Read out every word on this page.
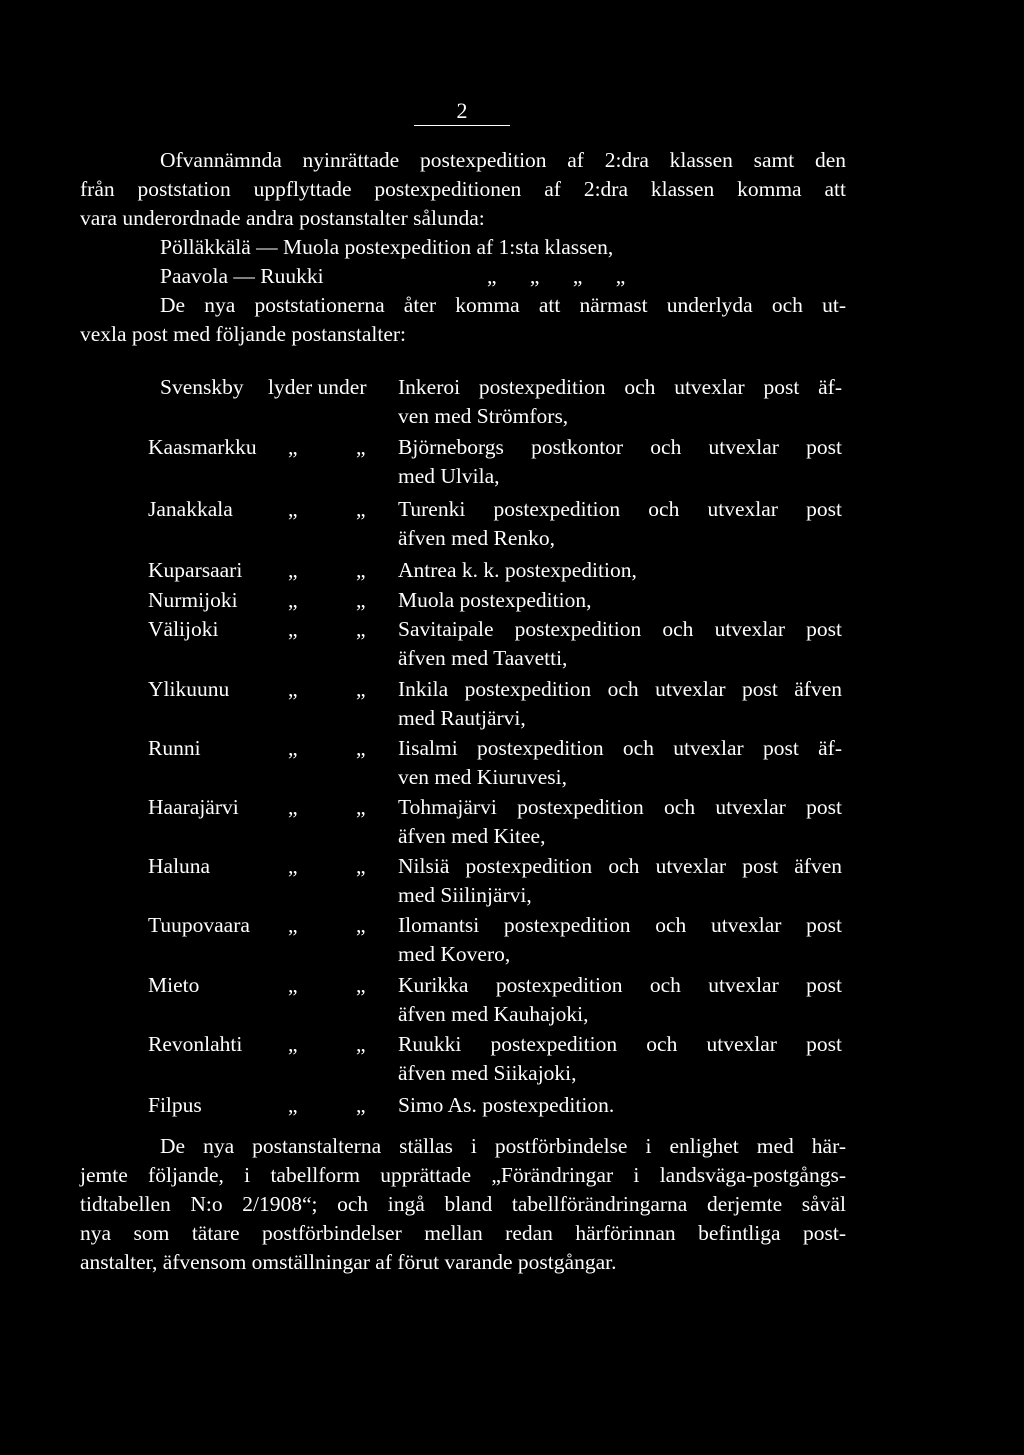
2
Ofvannämnda nyinrättade postexpedition af 2:dra klassen samt den
från poststation uppflyttade postexpeditionen af 2:dra klassen komma att
vara underordnade andra postanstalter sålunda:
Pölläkkälä — Muola postexpedition af 1:sta klassen,
Paavola — Ruukki	„ „ „ „
De nya poststationerna åter komma att närmast underlyda och ut-
vexla post med följande postanstalter:
Svenskby lyder under Inkeroi postexpedition och utvexlar post äf-
ven med Strömfors,
Kaasmarkku „	„ Björneborgs postkontor och utvexlar post
med Ulvila,
Janakkala	„	„ Turenki postexpedition och utvexlar post
äfven med Renko,
Kuparsaari „	„ Antrea k. k. postexpedition,
Nurmijoki „	„ Muola postexpedition,
Välijoki	„	„ Savitaipale postexpedition och utvexlar post
äfven med Taavetti,
Ylikuunu	„	„ Inkila postexpedition och utvexlar post äfven
med Rautjärvi,
Runni	„	„ Iisalmi postexpedition och utvexlar post äf-
ven med Kiuruvesi,
Haarajärvi „	„ Tohmajärvi postexpedition och utvexlar post
äfven med Kitee,
Haluna	„	„ Nilsiä postexpedition och utvexlar post äfven
med Siilinjärvi,
Tuupovaara „	„ Ilomantsi postexpedition och utvexlar post
med Kovero,
Mieto	„	„ Kurikka postexpedition och utvexlar post
äfven med Kauhajoki,
Revonlahti „	„ Ruukki postexpedition och utvexlar post
äfven med Siikajoki,
Filpus	„	„ Simo As. postexpedition.
De nya postanstalterna ställas i postförbindelse i enlighet med här-
jemte följande, i tabellform upprättade „Förändringar i landsväga-postgångs-
tidtabellen N:o 2/1908“; och ingå bland tabellförändringarna derjemte såväl
nya som tätare postförbindelser mellan redan härförinnan befintliga post-
anstalter, äfvensom omställningar af förut varande postgångar.
